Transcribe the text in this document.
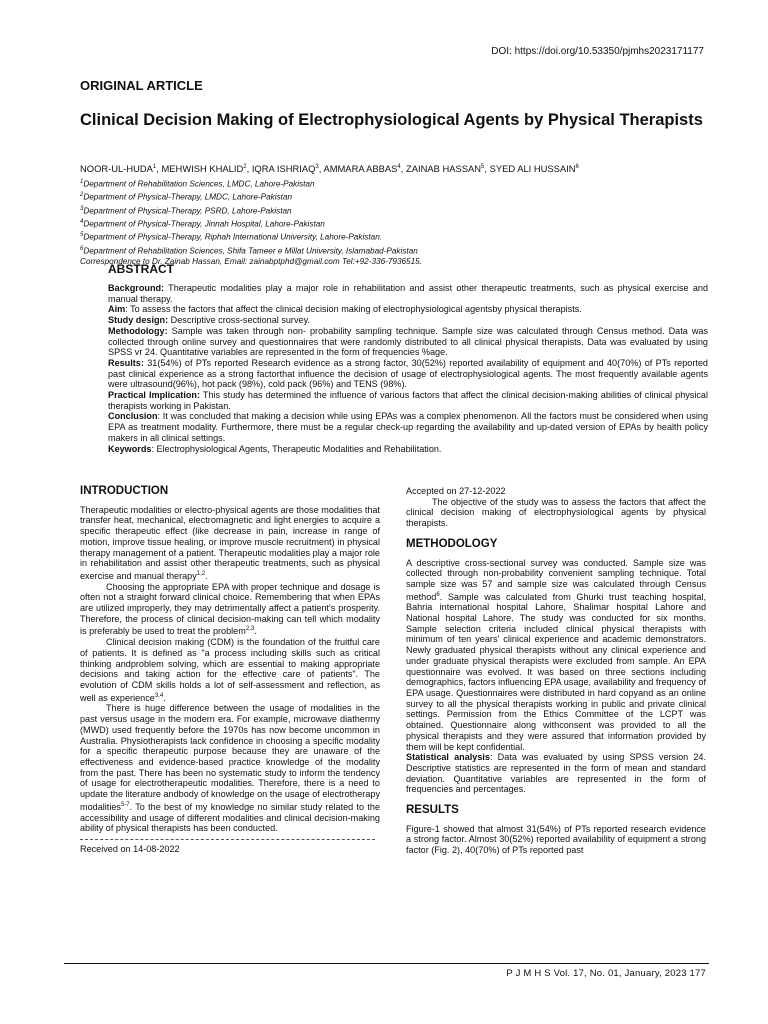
DOI: https://doi.org/10.53350/pjmhs2023171177
ORIGINAL ARTICLE
Clinical Decision Making of Electrophysiological Agents by Physical Therapists
NOOR-UL-HUDA$^1$, MEHWISH KHALID$^2$, IQRA ISHRIAQ$^3$, AMMARA ABBAS$^4$, ZAINAB HASSAN$^5$, SYED ALI HUSSAIN$^6$
$^1$Department of Rehabilitation Sciences, LMDC, Lahore-Pakistan
$^2$Department of Physical-Therapy, LMDC, Lahore-Pakistan
$^3$Department of Physical-Therapy, PSRD, Lahore-Pakistan
$^4$Department of Physical-Therapy, Jinnah Hospital, Lahore-Pakistan
$^5$Department of Physical-Therapy, Riphah International University, Lahore-Pakistan.
$^6$Department of Rehabilitation Sciences, Shifa Tameer e Millat University, Islamabad-Pakistan
Correspondence to Dr. Zainab Hassan, Email: zainabptphd@gmail.com Tel:+92-336-7936515.
ABSTRACT

Background: Therapeutic modalities play a major role in rehabilitation and assist other therapeutic treatments, such as physical exercise and manual therapy.

Aim: To assess the factors that affect the clinical decision making of electrophysiological agentsby physical therapists.

Study design: Descriptive cross-sectional survey.

Methodology: Sample was taken through non- probability sampling technique. Sample size was calculated through Census method. Data was collected through online survey and questionnaires that were randomly distributed to all clinical physical therapists. Data was evaluated by using SPSS vr 24. Quantitative variables are represented in the form of frequencies %age.

Results: 31(54%) of PTs reported Research evidence as a strong factor, 30(52%) reported availability of equipment and 40(70%) of PTs reported past clinical experience as a strong factorthat influence the decision of usage of electrophysiological agents. The most frequently available agents were ultrasound(96%), hot pack (98%), cold pack (96%) and TENS (98%).

Practical Implication: This study has determined the influence of various factors that affect the clinical decision-making abilities of clinical physical therapists working in Pakistan.

Conclusion: It was concluded that making a decision while using EPAs was a complex phenomenon. All the factors must be considered when using EPA as treatment modality. Furthermore, there must be a regular check-up regarding the availability and up-dated version of EPAs by health policy makers in all clinical settings.

Keywords: Electrophysiological Agents, Therapeutic Modalities and Rehabilitation.

INTRODUCTION

Therapeutic modalities or electro-physical agents are those modalities that transfer heat, mechanical, electromagnetic and light energies to acquire a specific therapeutic effect (like decrease in pain, increase in range of motion, improve tissue healing, or improve muscle recruitment) in physical therapy management of a patient. Therapeutic modalities play a major role in rehabilitation and assist other therapeutic treatments, such as physical exercise and manual therapy$^{1,2}$.

Choosing the appropriate EPA with proper technique and dosage is often not a straight forward clinical choice. Remembering that when EPAs are utilized improperly, they may detrimentally affect a patient's prosperity. Therefore, the process of clinical decision-making can tell which modality is preferably be used to treat the problem$^{2,3}$.

Clinical decision making (CDM) is the foundation of the fruitful care of patients. It is defined as "a process including skills such as critical thinking andproblem solving, which are essential to making appropriate decisions and taking action for the effective care of patients". The evolution of CDM skills holds a lot of self-assessment and reflection, as well as experience$^{3,4}$.

There is huge difference between the usage of modalities in the past versus usage in the modern era. For example, microwave diathermy (MWD) used frequently before the 1970s has now become uncommon in Australia. Physiotherapists lack confidence in choosing a specific modality for a specific therapeutic purpose because they are unaware of the effectiveness and evidence-based practice knowledge of the modality from the past. There has been no systematic study to inform the tendency of usage for electrotherapeutic modalities. Therefore, there is a need to update the literature andbody of knowledge on the usage of electrotherapy modalities$^{5-7}$. To the best of my knowledge no similar study related to the accessibility and usage of different modalities and clinical decision-making ability of physical therapists has been conducted.

Received on 14-08-2022

Accepted on 27-12-2022

The objective of the study was to assess the factors that affect the clinical decision making of electrophysiological agents by physical therapists.

METHODOLOGY

A descriptive cross-sectional survey was conducted. Sample size was collected through non-probability convenient sampling technique. Total sample size was 57 and sample size was calculated through Census method$^6$. Sample was calculated from Ghurki trust teaching hospital, Bahria international hospital Lahore, Shalimar hospital Lahore and National hospital Lahore. The study was conducted for six months. Sample selection criteria included clinical physical therapists with minimum of ten years' clinical experience and academic demonstrators. Newly graduated physical therapists without any clinical experience and under graduate physical therapists were excluded from sample. An EPA questionnaire was evolved. It was based on three sections including demographics, factors influencing EPA usage, availability and frequency of EPA usage. Questionnaires were distributed in hard copyand as an online survey to all the physical therapists working in public and private clinical settings. Permission from the Ethics Committee of the LCPT was obtained. Questionnaire along withconsent was provided to all the physical therapists and they were assured that information provided by them will be kept confidential.

Statistical analysis: Data was evaluated by using SPSS version 24. Descriptive statistics are represented in the form of mean and standard deviation. Quantitative variables are represented in the form of frequencies and percentages.

RESULTS

Figure-1 showed that almost 31(54%) of PTs reported research evidence a strong factor. Almost 30(52%) reported availability of equipment a strong factor (Fig. 2), 40(70%) of PTs reported past

P J M H S Vol. 17, No. 01, January, 2023 177
